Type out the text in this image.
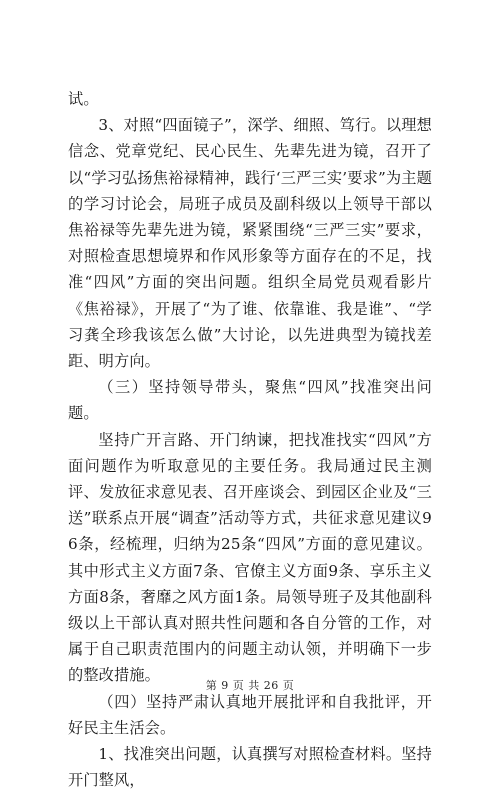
试。

3、对照“四面镜子”，深学、细照、笃行。以理想信念、党章党纪、民心民生、先辈先进为镜，召开了以“学习弘扬焦裕禄精神，践行‘三严三实’要求”为主题的学习讨论会，局班子成员及副科级以上领导干部以焦裕禄等先辈先进为镜，紧紧围绕“三严三实”要求，对照检查思想境界和作风形象等方面存在的不足，找准“四风”方面的突出问题。组织全局党员观看影片《焦裕禄》，开展了“为了谁、依靠谁、我是谁”、“学习龚全珍我该怎么做”大讨论，以先进典型为镜找差距、明方向。

（三）坚持领导带头，聚焦“四风”找准突出问题。

坚持广开言路、开门纳谏，把找准找实“四风”方面问题作为听取意见的主要任务。我局通过民主测评、发放征求意见表、召开座谈会、到园区企业及“三送”联系点开展“调查”活动等方式，共征求意见建议96条，经梳理，归纳为25条“四风”方面的意见建议。其中形式主义方面7条、官僚主义方面9条、享乐主义方面8条，奢靡之风方面1条。局领导班子及其他副科级以上干部认真对照共性问题和各自分管的工作，对属于自己职责范围内的问题主动认领，并明确下一步的整改措施。

（四）坚持严肃认真地开展批评和自我批评，开好民主生活会。

1、找准突出问题，认真撰写对照检查材料。坚持开门整风，

第 9 页 共 26 页
